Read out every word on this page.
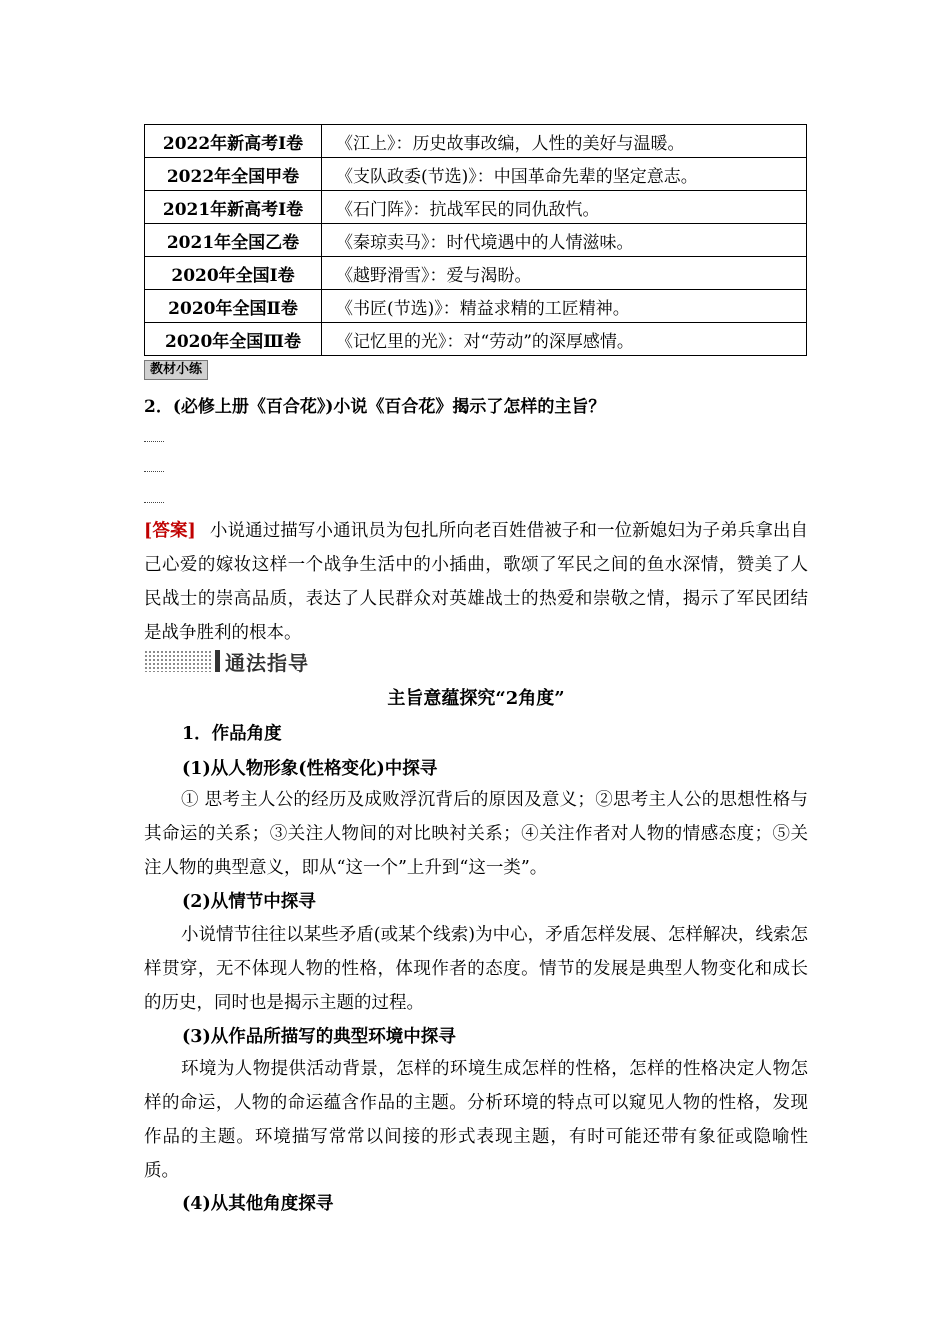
2022年新高考Ⅰ卷	《江上》：历史故事改编，人性的美好与温暖。
2022年全国甲卷	《支队政委(节选)》：中国革命先辈的坚定意志。
2021年新高考Ⅰ卷	《石门阵》：抗战军民的同仇敌忾。
2021年全国乙卷	《秦琼卖马》：时代境遇中的人情滋味。
2020年全国Ⅰ卷	《越野滑雪》：爱与渴盼。
2020年全国Ⅱ卷	《书匠(节选)》：精益求精的工匠精神。
2020年全国Ⅲ卷	《记忆里的光》：对“劳动”的深厚感情。
教材小练
2．(必修上册《百合花》)小说《百合花》揭示了怎样的主旨？
[答案] 小说通过描写小通讯员为包扎所向老百姓借被子和一位新媳妇为子弟兵拿出自己心爱的嫁妆这样一个战争生活中的小插曲，歌颂了军民之间的鱼水深情，赞美了人民战士的崇高品质，表达了人民群众对英雄战士的热爱和崇敬之情，揭示了军民团结是战争胜利的根本。
通法指导
主旨意蕴探究“2角度”
1．作品角度
(1)从人物形象(性格变化)中探寻
① 思考主人公的经历及成败浮沉背后的原因及意义；②思考主人公的思想性格与其命运的关系；③关注人物间的对比映衬关系；④关注作者对人物的情感态度；⑤关注人物的典型意义，即从“这一个”上升到“这一类”。
(2)从情节中探寻
小说情节往往以某些矛盾(或某个线索)为中心，矛盾怎样发展、怎样解决，线索怎样贯穿，无不体现人物的性格，体现作者的态度。情节的发展是典型人物变化和成长的历史，同时也是揭示主题的过程。
(3)从作品所描写的典型环境中探寻
环境为人物提供活动背景，怎样的环境生成怎样的性格，怎样的性格决定人物怎样的命运，人物的命运蕴含作品的主题。分析环境的特点可以窥见人物的性格，发现作品的主题。环境描写常常以间接的形式表现主题，有时可能还带有象征或隐喻性质。
(4)从其他角度探寻
